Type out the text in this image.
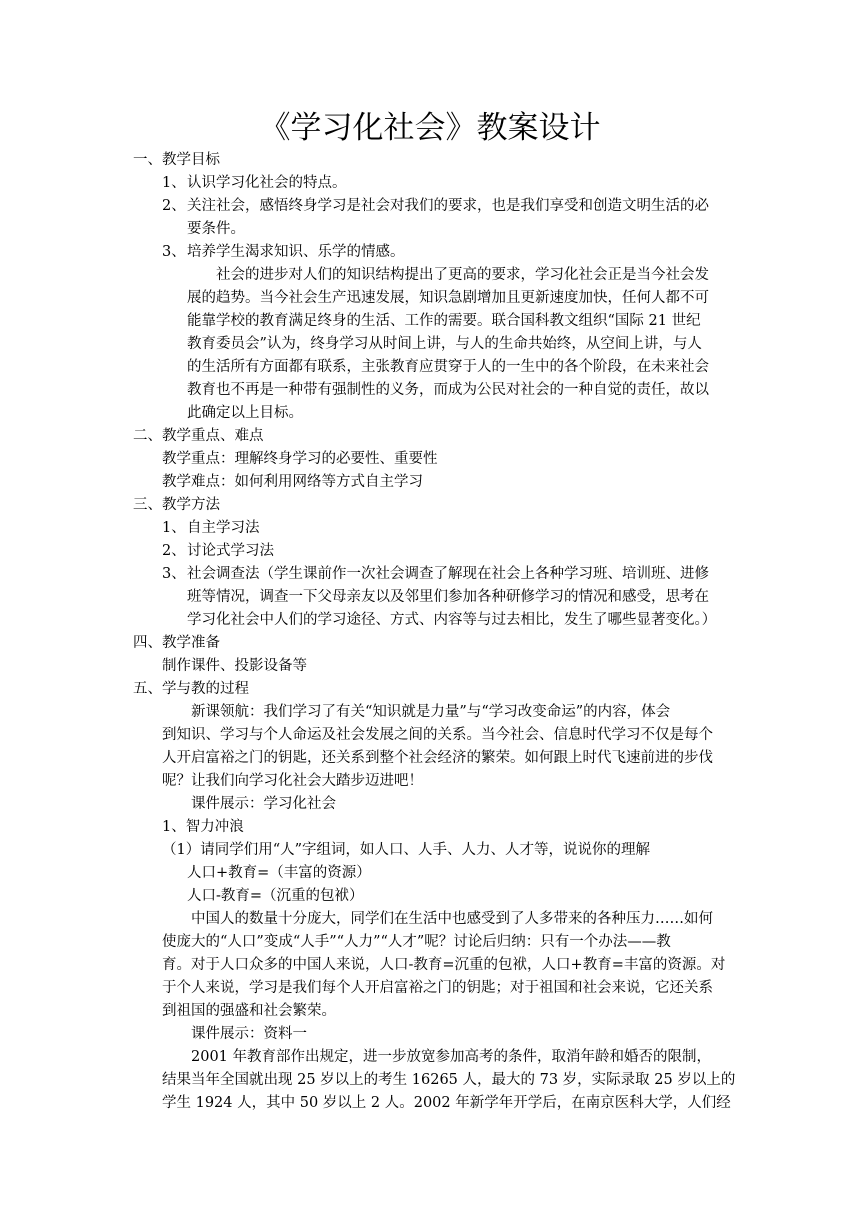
《学习化社会》教案设计

一、教学目标

1、 认识学习化社会的特点。

2、 关注社会，感悟终身学习是社会对我们的要求，也是我们享受和创造文明生活的必

要条件。

3、 培养学生渴求知识、乐学的情感。

社会的进步对人们的知识结构提出了更高的要求，学习化社会正是当今社会发

展的趋势。当今社会生产迅速发展，知识急剧增加且更新速度加快，任何人都不可

能靠学校的教育满足终身的生活、工作的需要。联合国科教文组织“国际 21 世纪

教育委员会”认为，终身学习从时间上讲，与人的生命共始终，从空间上讲，与人

的生活所有方面都有联系，主张教育应贯穿于人的一生中的各个阶段，在未来社会

教育也不再是一种带有强制性的义务，而成为公民对社会的一种自觉的责任，故以

此确定以上目标。

二、教学重点、难点

教学重点：理解终身学习的必要性、重要性

教学难点：如何利用网络等方式自主学习

三、教学方法

1、 自主学习法

2、 讨论式学习法

3、 社会调查法（学生课前作一次社会调查了解现在社会上各种学习班、培训班、进修

班等情况，调查一下父母亲友以及邻里们参加各种研修学习的情况和感受，思考在

学习化社会中人们的学习途径、方式、内容等与过去相比，发生了哪些显著变化。）

四、教学准备

制作课件、投影设备等

五、学与教的过程

新课领航：我们学习了有关“知识就是力量”与“学习改变命运”的内容，体会

到知识、学习与个人命运及社会发展之间的关系。当今社会、信息时代学习不仅是每个

人开启富裕之门的钥匙，还关系到整个社会经济的繁荣。如何跟上时代飞速前进的步伐

呢？让我们向学习化社会大踏步迈进吧！

课件展示：学习化社会

1、智力冲浪

（1）请同学们用“人”字组词，如人口、人手、人力、人才等，说说你的理解

人口+教育=（丰富的资源）

人口-教育=（沉重的包袱）

中国人的数量十分庞大，同学们在生活中也感受到了人多带来的各种压力……如何

使庞大的“人口”变成“人手”“人力”“人才”呢？讨论后归纳：只有一个办法——教

育。对于人口众多的中国人来说，人口-教育=沉重的包袱，人口+教育=丰富的资源。对

于个人来说，学习是我们每个人开启富裕之门的钥匙；对于祖国和社会来说，它还关系

到祖国的强盛和社会繁荣。

课件展示：资料一

2001 年教育部作出规定，进一步放宽参加高考的条件，取消年龄和婚否的限制，

结果当年全国就出现 25 岁以上的考生 16265 人，最大的 73 岁，实际录取 25 岁以上的

学生 1924 人，其中 50 岁以上 2 人。2002 年新学年开学后，在南京医科大学，人们经
